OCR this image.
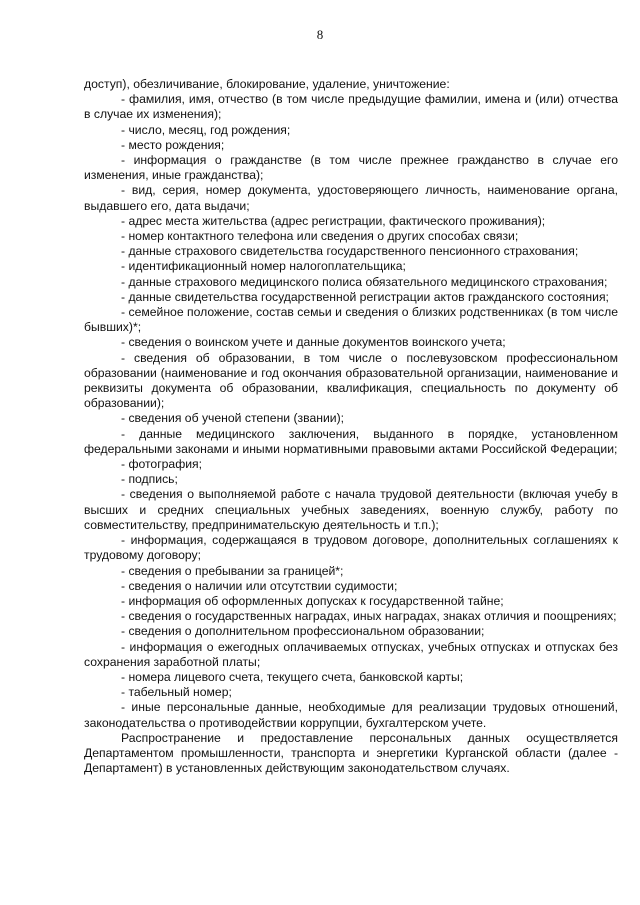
8

доступ), обезличивание, блокирование, удаление, уничтожение:

- фамилия, имя, отчество (в том числе предыдущие фамилии, имена и (или) отчества в случае их изменения);

- число, месяц, год рождения;

- место рождения;

- информация о гражданстве (в том числе прежнее гражданство в случае его изменения, иные гражданства);

- вид, серия, номер документа, удостоверяющего личность, наименование органа, выдавшего его, дата выдачи;

- адрес места жительства (адрес регистрации, фактического проживания);

- номер контактного телефона или сведения о других способах связи;

- данные страхового свидетельства государственного пенсионного страхования;

- идентификационный номер налогоплательщика;

- данные страхового медицинского полиса обязательного медицинского страхования;

- данные свидетельства государственной регистрации актов гражданского состояния;

- семейное положение, состав семьи и сведения о близких родственниках (в том числе бывших)*;

- сведения о воинском учете и данные документов воинского учета;

- сведения об образовании, в том числе о послевузовском профессиональном образовании (наименование и год окончания образовательной организации, наименование и реквизиты документа об образовании, квалификация, специальность по документу об образовании);

- сведения об ученой степени (звании);

- данные медицинского заключения, выданного в порядке, установленном федеральными законами и иными нормативными правовыми актами Российской Федерации;

- фотография;

- подпись;

- сведения о выполняемой работе с начала трудовой деятельности (включая учебу в высших и средних специальных учебных заведениях, военную службу, работу по совместительству, предпринимательскую деятельность и т.п.);

- информация, содержащаяся в трудовом договоре, дополнительных соглашениях к трудовому договору;

- сведения о пребывании за границей*;

- сведения о наличии или отсутствии судимости;

- информация об оформленных допусках к государственной тайне;

- сведения о государственных наградах, иных наградах, знаках отличия и поощрениях;

- сведения о дополнительном профессиональном образовании;

- информация о ежегодных оплачиваемых отпусках, учебных отпусках и отпусках без сохранения заработной платы;

- номера лицевого счета, текущего счета, банковской карты;

- табельный номер;

- иные персональные данные, необходимые для реализации трудовых отношений, законодательства о противодействии коррупции, бухгалтерском учете.

Распространение и предоставление персональных данных осуществляется Департаментом промышленности, транспорта и энергетики Курганской области (далее - Департамент) в установленных действующим законодательством случаях.
